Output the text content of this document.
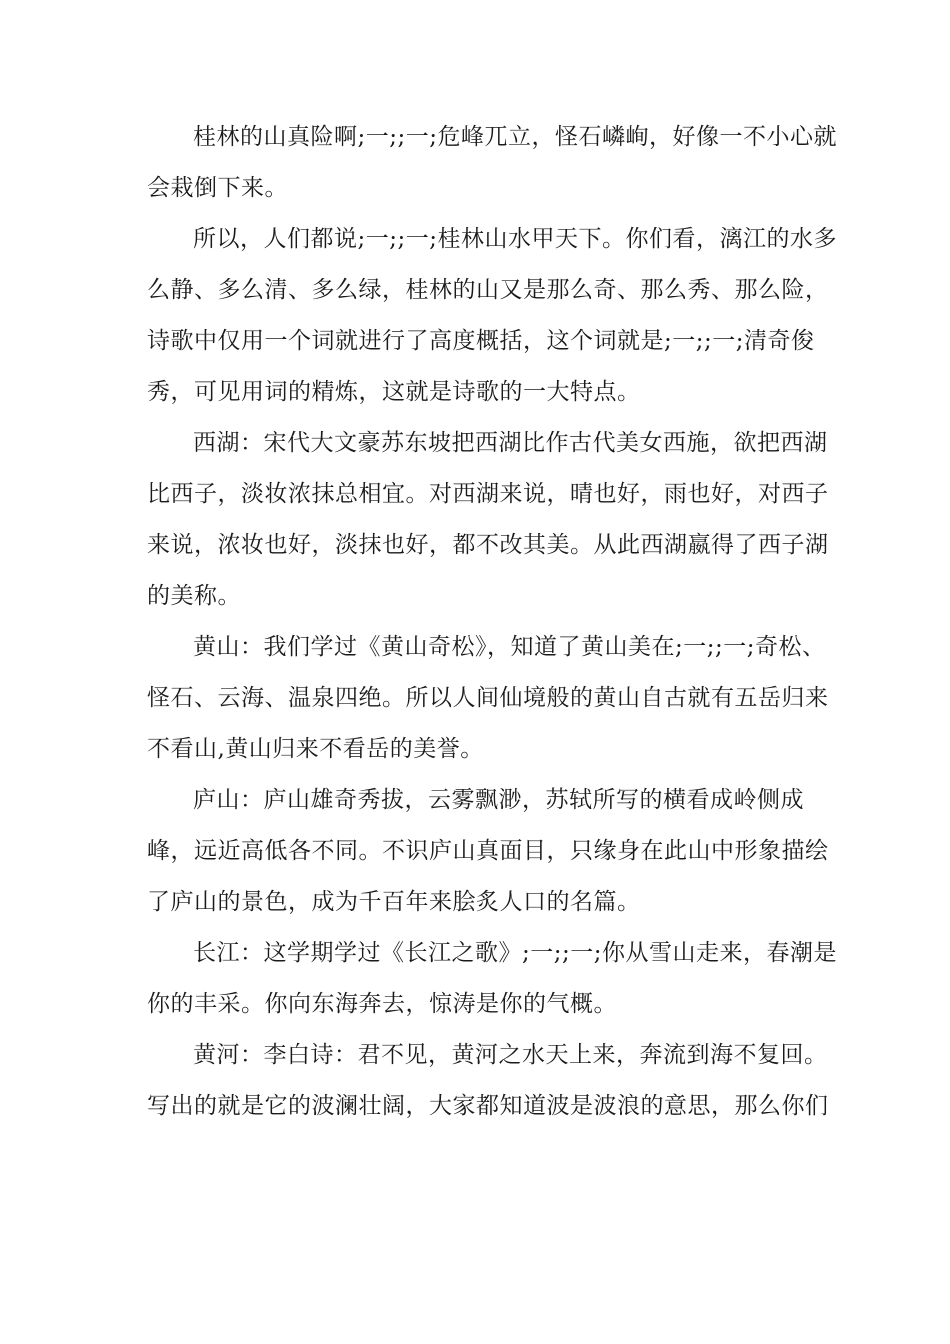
桂林的山真险啊;一;;一;危峰兀立，怪石嶙峋，好像一不小心就
会栽倒下来。
所以，人们都说;一;;一;桂林山水甲天下。你们看，漓江的水多
么静、多么清、多么绿，桂林的山又是那么奇、那么秀、那么险，
诗歌中仅用一个词就进行了高度概括，这个词就是;一;;一;清奇俊
秀，可见用词的精炼，这就是诗歌的一大特点。
西湖：宋代大文豪苏东坡把西湖比作古代美女西施，欲把西湖
比西子，淡妆浓抹总相宜。对西湖来说，晴也好，雨也好，对西子
来说，浓妆也好，淡抹也好，都不改其美。从此西湖嬴得了西子湖
的美称。
黄山：我们学过《黄山奇松》，知道了黄山美在;一;;一;奇松、
怪石、云海、温泉四绝。所以人间仙境般的黄山自古就有五岳归来
不看山,黄山归来不看岳的美誉。
庐山：庐山雄奇秀拔，云雾飘渺，苏轼所写的横看成岭侧成
峰，远近高低各不同。不识庐山真面目，只缘身在此山中形象描绘
了庐山的景色，成为千百年来脍炙人口的名篇。
长江：这学期学过《长江之歌》;一;;一;你从雪山走来，春潮是
你的丰采。你向东海奔去，惊涛是你的气概。
黄河：李白诗：君不见，黄河之水天上来，奔流到海不复回。
写出的就是它的波澜壮阔，大家都知道波是波浪的意思，那么你们
